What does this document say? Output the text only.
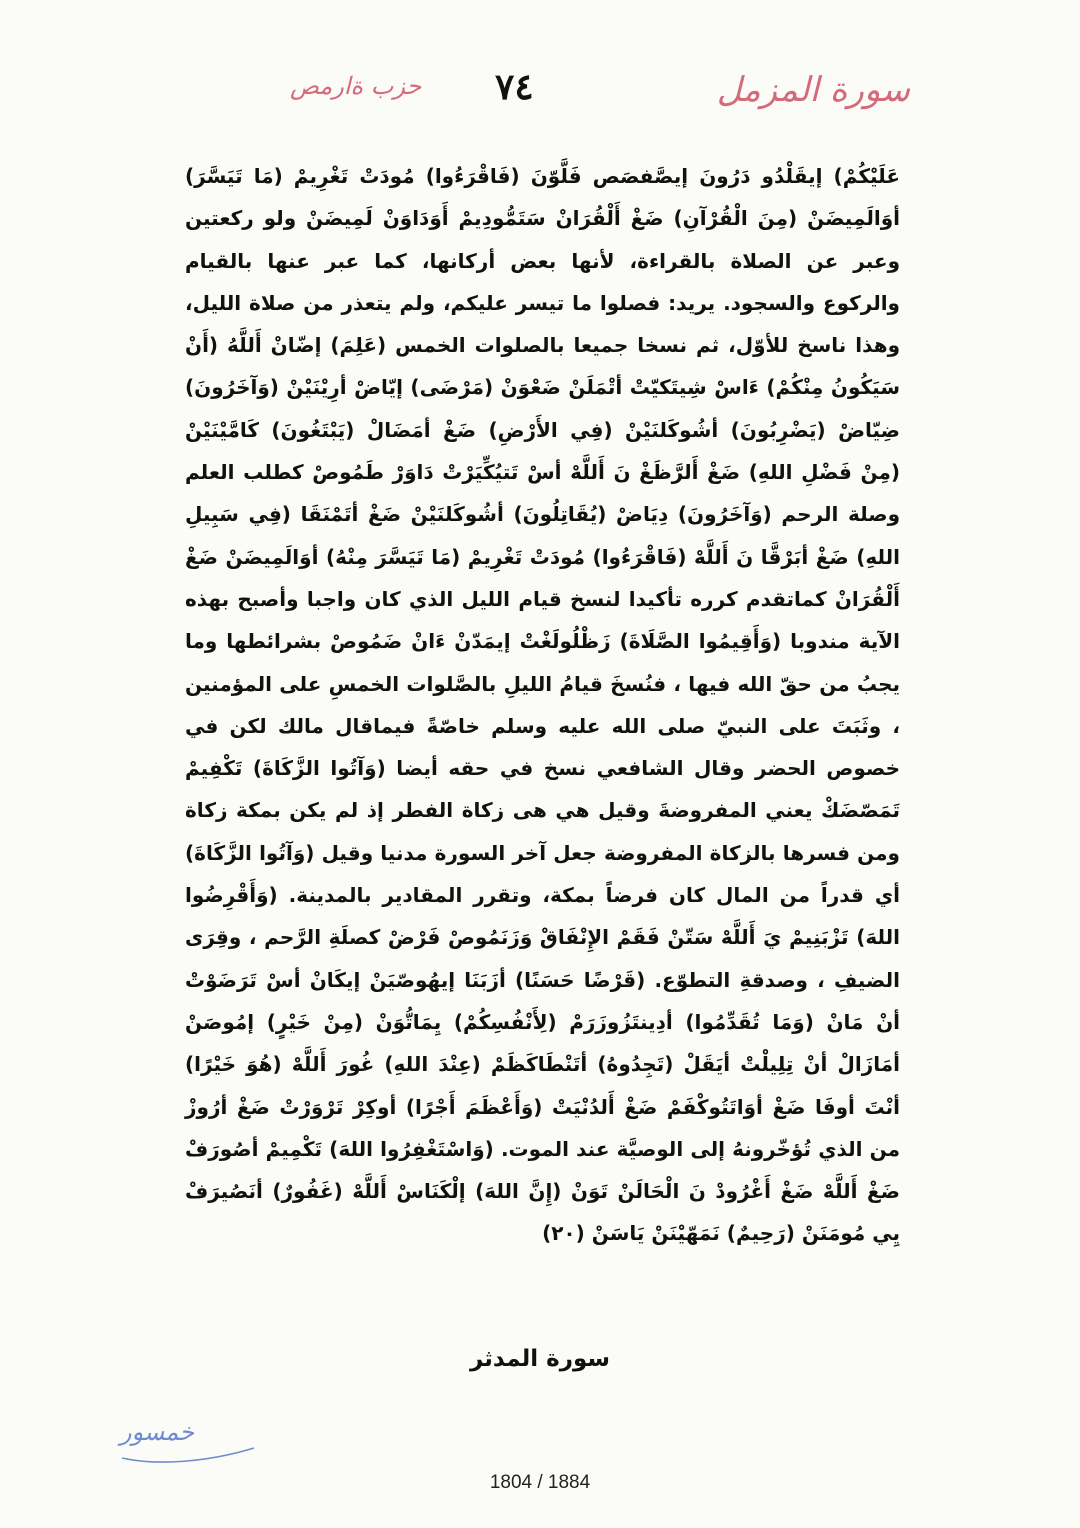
سورة المزمل
٧٤
حزب ةارمص

عَلَيْكُمْ) إيقَلْدُو دَرُونَ إيصَّفصَص فَلَّوّنَ (فَاقْرَءُوا) مُودَتْ تَغْرِيمْ (مَا تَيَسَّرَ) أوَالَمِيضَنْ (مِنَ الْقُرْآنِ) ضَغْ أَلْقُرَانْ سَتَمُّودِيمْ أَوَدَاوَنْ لَمِيضَنْ ولو ركعتين وعبر عن الصلاة بالقراءة، لأنها بعض أركانها، كما عبر عنها بالقيام والركوع والسجود. يريد: فصلوا ما تيسر عليكم، ولم يتعذر من صلاة الليل، وهذا ناسخ للأوّل، ثم نسخا جميعا بالصلوات الخمس (عَلِمَ) إضّانْ أَللَّهُ (أَنْ سَيَكُونُ مِنْكُمْ) ءَاسْ شِيتَكيّتْ أتْمَلَنْ ضَعْوَنْ (مَرْضَى) إيّاضْ أرِيْنَيْنْ (وَآخَرُونَ) ضِيّاضْ (يَضْرِبُونَ) أشُوكَلنَيْنْ (فِي الأَرْضِ) ضَغْ أمَضَالْ (يَبْتَغُونَ) كَامَّيْنَيْنْ (مِنْ فَضْلِ اللهِ) ضَغْ أَلرَّظَغْ نَ أَللَّهْ أسْ تَتيُكِّيَرْتْ دَاوَرْ طَمُوصْ كطلب العلم وصلة الرحم (وَآخَرُونَ) دِيَاضْ (يُقَاتِلُونَ) أشُوكَلنَيْنْ ضَغْ أتَمْنَقَا (فِي سَبِيلِ اللهِ) ضَغْ أبَرْقَّا نَ أَللَّهْ (فَاقْرَءُوا) مُودَتْ تَغْرِيمْ (مَا تَيَسَّرَ مِنْهُ) أوَالَمِيضَنْ ضَغْ أَلْقُرَانْ كماتقدم كرره تأكيدا لنسخ قيام الليل الذي كان واجبا وأصبح بهذه الآية مندوبا (وَأَقِيمُوا الصَّلَاةَ) زَظْلُولَغْتْ إيمَدّنْ ءَانْ ضَمُوصْ بشرائطها وما يجبُ من حقّ الله فيها ، فنُسخَ قيامُ الليلِ بالصَّلوات الخمسِ على المؤمنين ، وثَبَتَ على النبيّ صلى الله عليه وسلم خاصّةً فيماقال مالك لكن في خصوص الحضر وقال الشافعي نسخ في حقه أيضا (وَآتُوا الزَّكَاةَ) تَكْفِيمْ تَمَصّضَكْ يعني المفروضةَ وقيل هي هى زكاة الفطر إذ لم يكن بمكة زكاة ومن فسرها بالزكاة المفروضة جعل آخر السورة مدنيا وقيل (وَآتُوا الزَّكَاةَ) أي قدراً من المال كان فرضاً بمكة، وتقرر المقادير بالمدينة. (وَأَقْرِضُوا اللهَ) تَزْبَنِيمْ يَ أَللَّهْ سَتّنْ فَقَمْ الإِنْفَاقْ وَزَنَمُوصْ فَرْضْ كصلَةِ الرَّحم ، وقِرَى الضيفِ ، وصدقةِ التطوّع. (قَرْضًا حَسَنًا) أزَبَنَا إيهُوصّيَنْ إيكَانْ أسْ تَرَضَوْتْ أنْ مَانْ (وَمَا تُقَدِّمُوا) أدِينتَزُوزَرَمْ (لِأَنْفُسِكُمْ) يِمَاتُّوَنْ (مِنْ خَيْرٍ) إمُوصَنْ أمَازَالْ أنْ تِلِيلْتْ أيَقَلْ (تَجِدُوهُ) أتَنْطَاكَظَمْ (عِنْدَ اللهِ) غُورَ أَللَّهْ (هُوَ خَيْرًا) أنْتَ أوفَا ضَغْ أوَاتَتُوكْفَمْ ضَغْ أَلدُنْيَتْ (وَأَعْظَمَ أَجْرًا) أوكِرْ تَرْوَرْتْ ضَغْ أرُوزْ من الذي تُؤخّرونهُ إلى الوصيَّة عند الموت. (وَاسْتَغْفِرُوا اللهَ) تَكْمِيمْ أصُورَفْ ضَغْ أَللَّهْ ضَغْ أَغْرُودْ نَ الْحَالَنْ تَوَنْ (إِنَّ اللهَ) إلْكَنَاسْ أَللَّهْ (غَفُورٌ) أنَصُيرَفْ يِي مُومَنَنْ (رَحِيمٌ) نَمَهّيْنَنْ يَاسَنْ (٢٠)

سورة المدثر
خمسور
1804 / 1884
